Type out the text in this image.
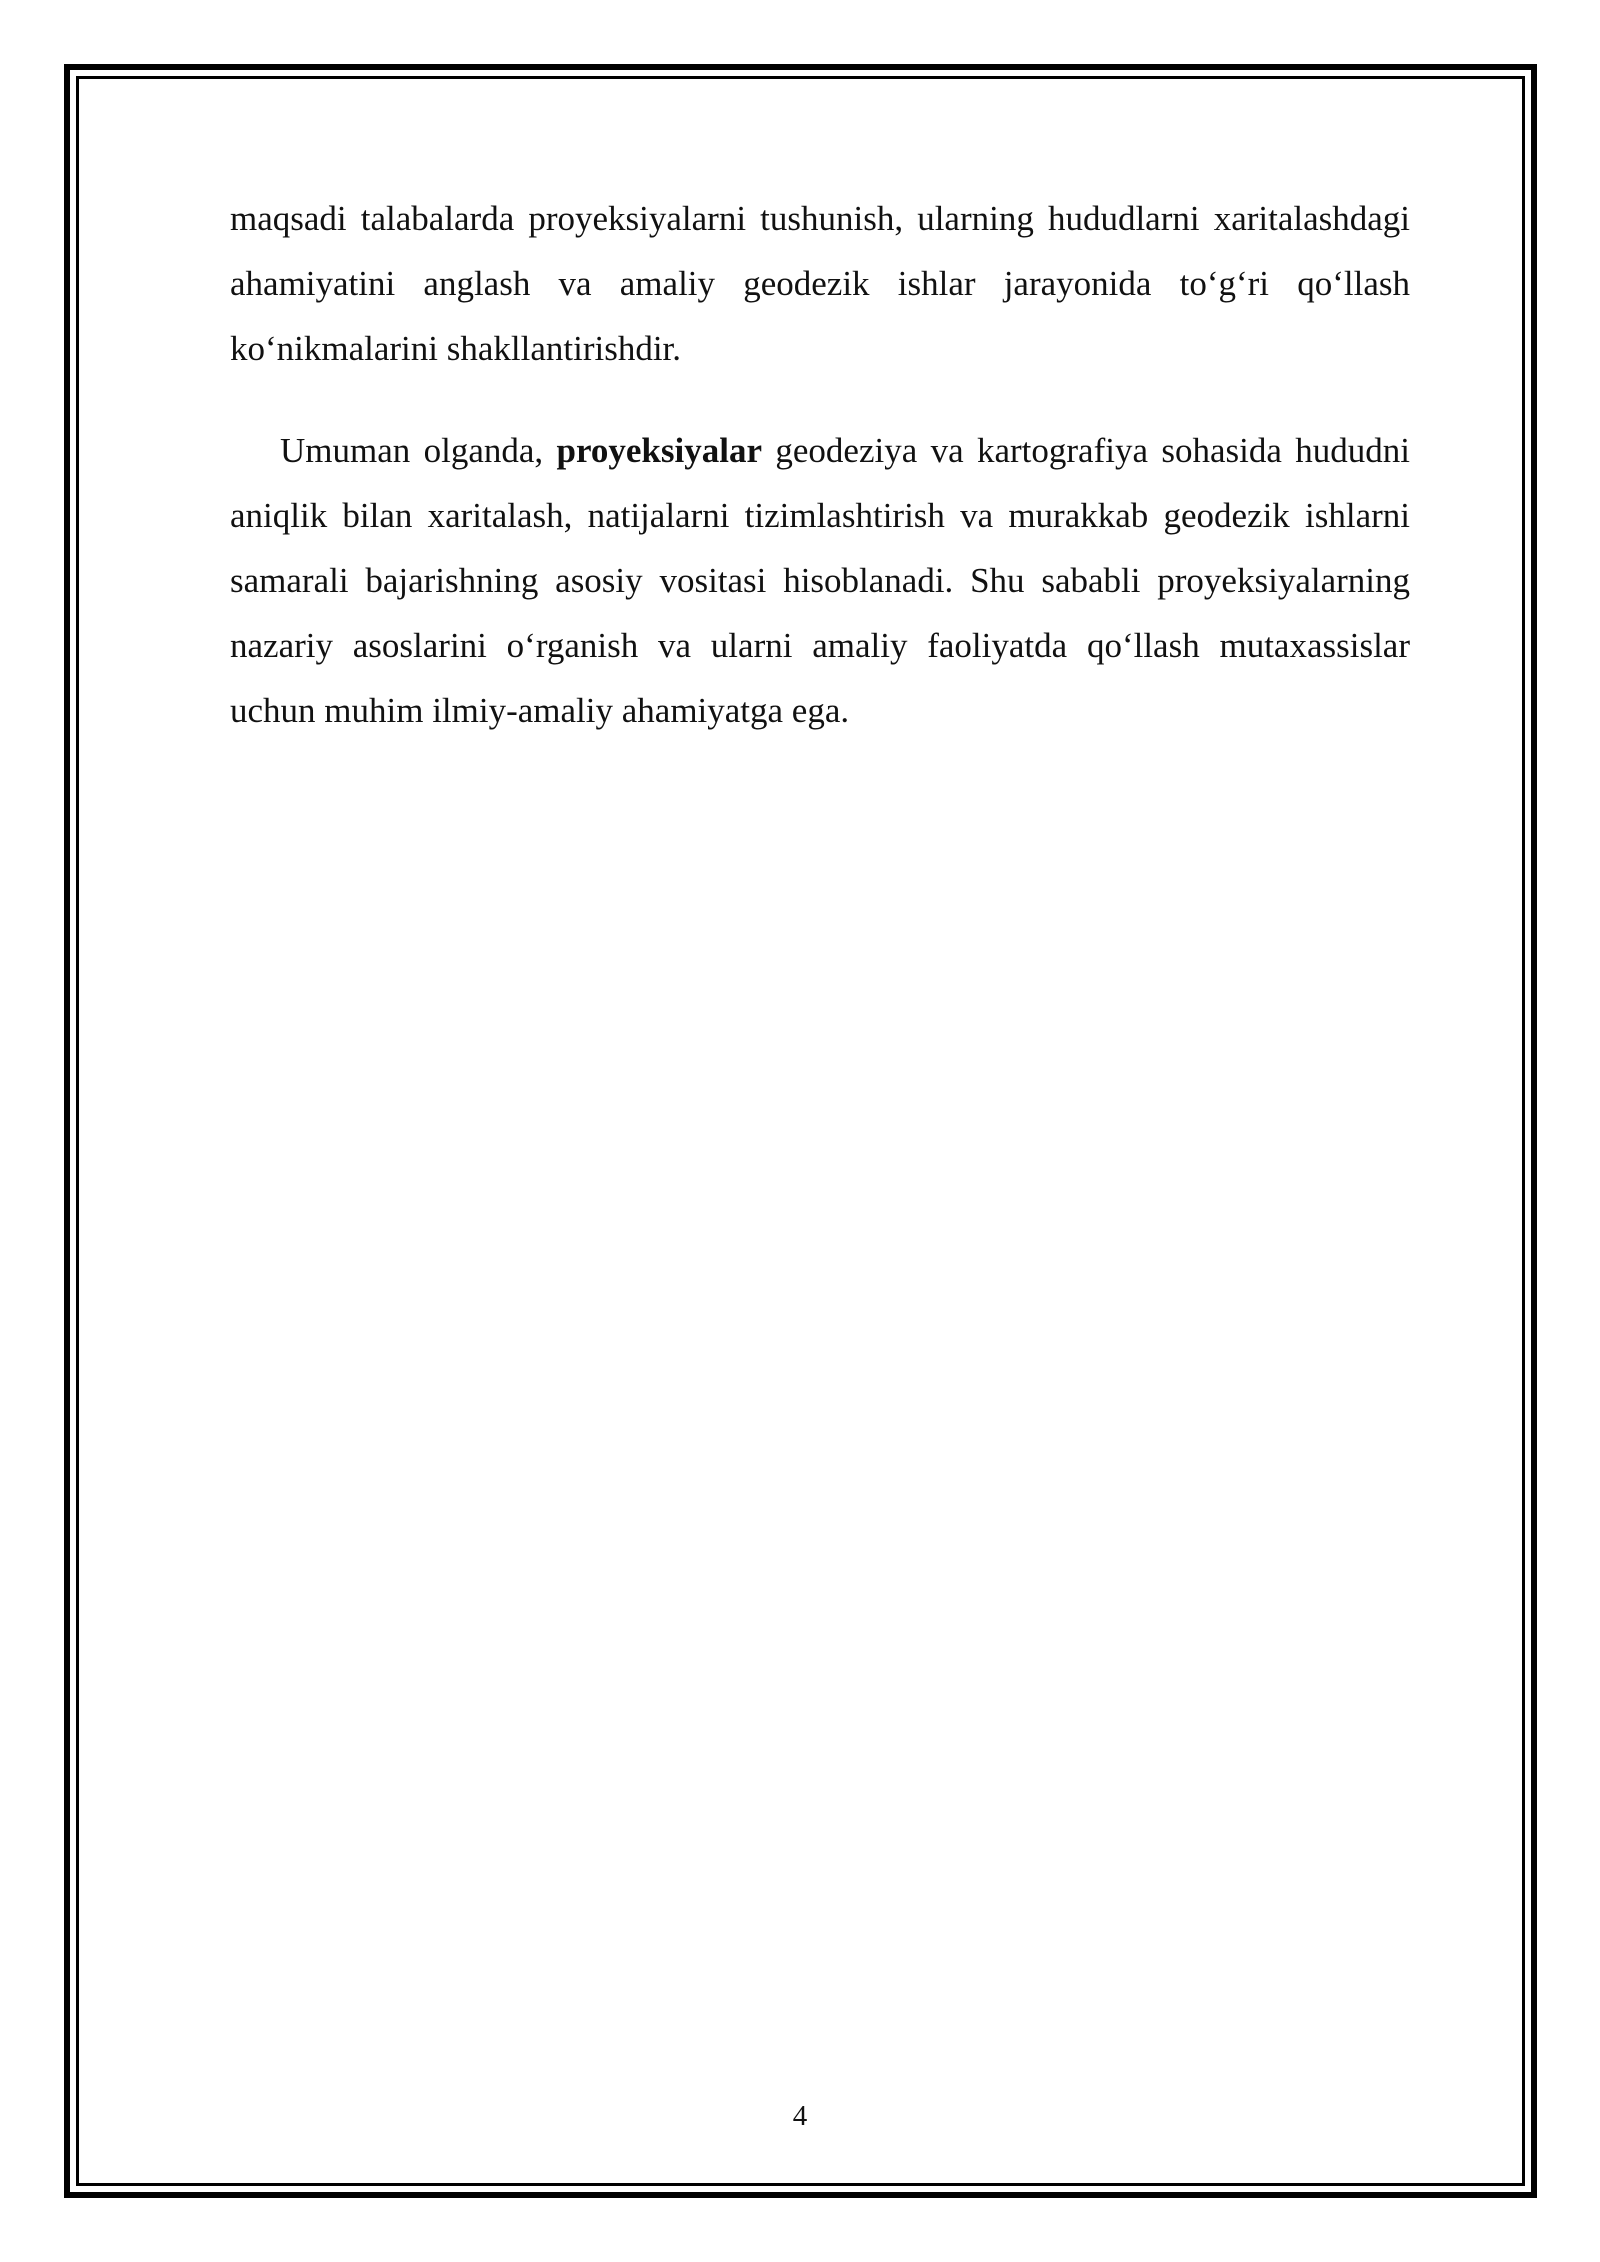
maqsadi talabalarda proyeksiyalarni tushunish, ularning hududlarni xaritalashdagi ahamiyatini anglash va amaliy geodezik ishlar jarayonida to‘g‘ri qo‘llash ko‘nikmalarini shakllantirishdir.

Umuman olganda, proyeksiyalar geodeziya va kartografiya sohasida hududni aniqlik bilan xaritalash, natijalarni tizimlashtirish va murakkab geodezik ishlarni samarali bajarishning asosiy vositasi hisoblanadi. Shu sababli proyeksiyalarning nazariy asoslarini o‘rganish va ularni amaliy faoliyatda qo‘llash mutaxassislar uchun muhim ilmiy-amaliy ahamiyatga ega.

4
